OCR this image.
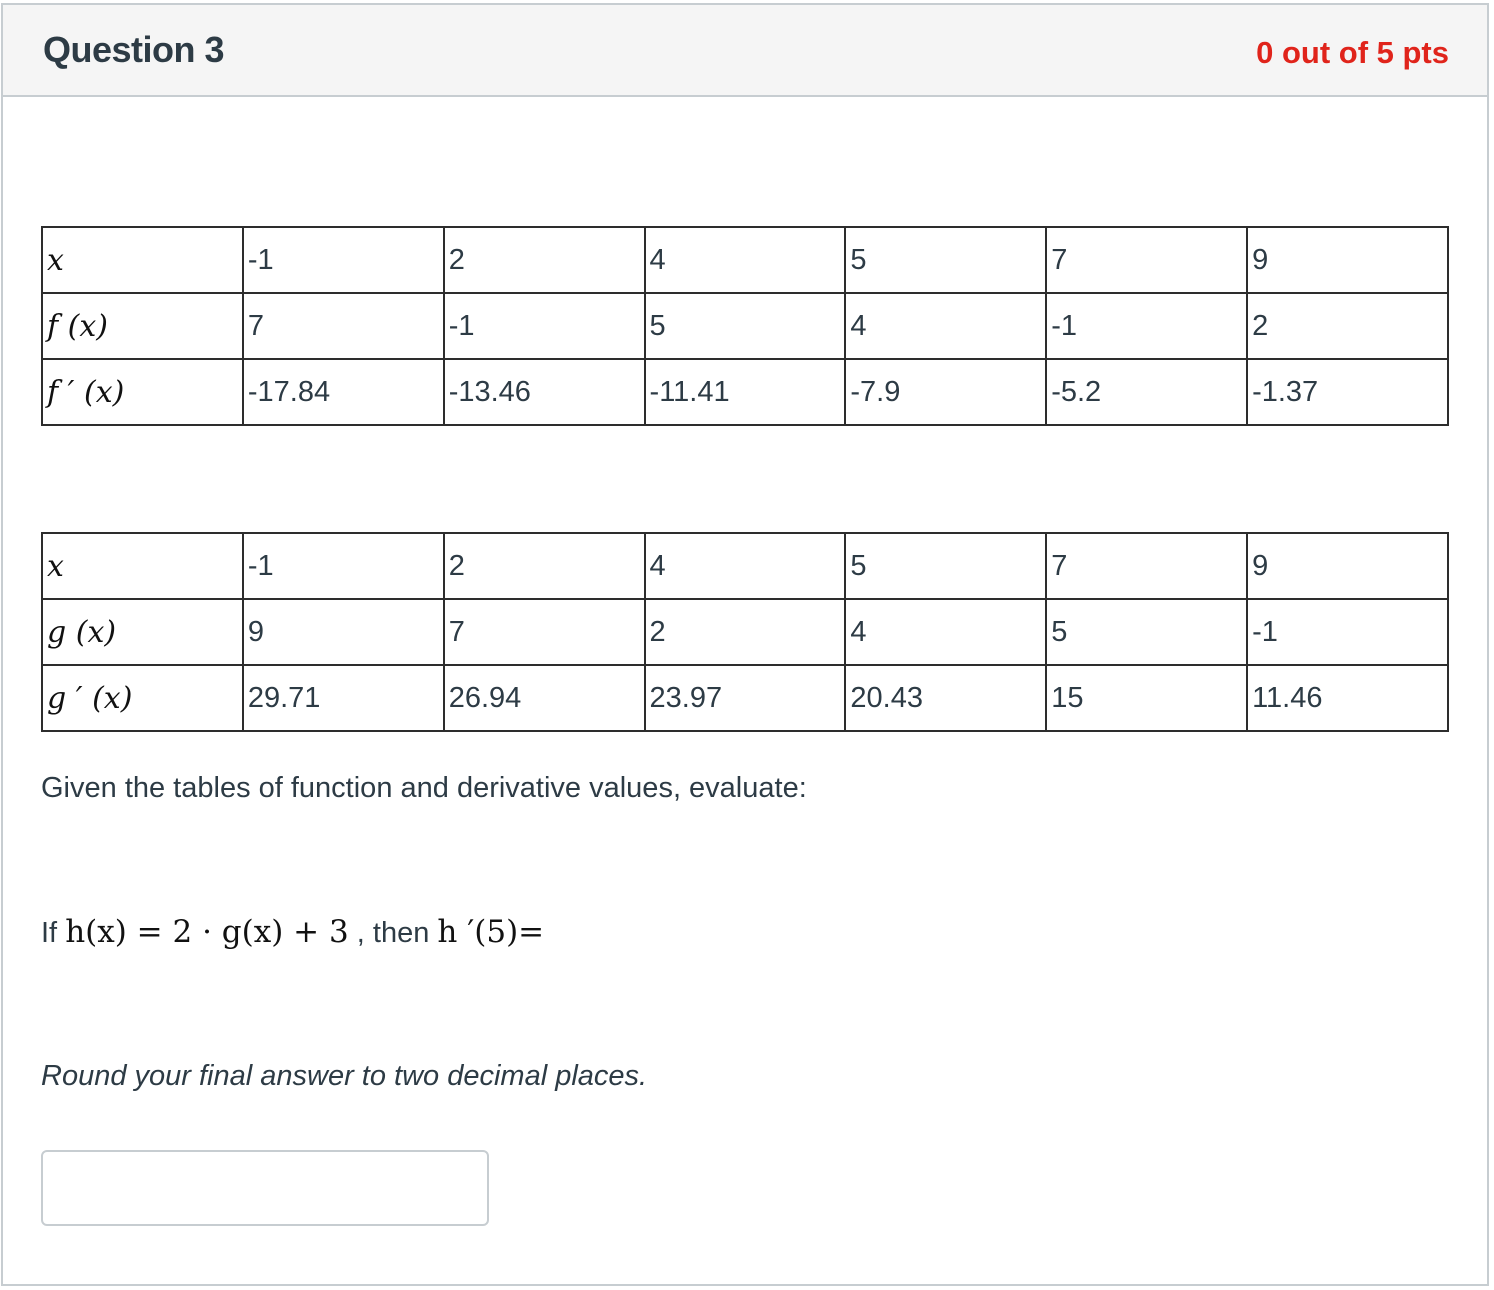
Question 3	0 out of 5 pts
x	-1	2	4	5	7	9
f (x)	7	-1	5	4	-1	2
f ′ (x)	-17.84	-13.46	-11.41	-7.9	-5.2	-1.37
x	-1	2	4	5	7	9
g (x)	9	7	2	4	5	-1
g ′ (x)	29.71	26.94	23.97	20.43	15	11.46
Given the tables of function and derivative values, evaluate:
If h(x) = 2 · g(x) + 3 , then h ′(5)=
Round your final answer to two decimal places.
